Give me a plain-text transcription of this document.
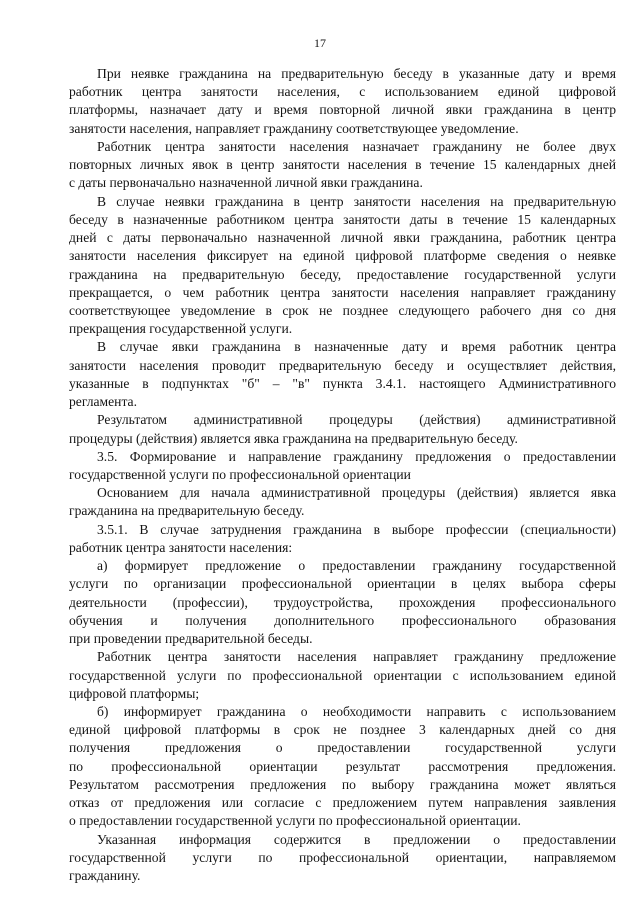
17
При неявке гражданина на предварительную беседу в указанные дату и время
работник центра занятости населения, с использованием единой цифровой
платформы, назначает дату и время повторной личной явки гражданина в центр
занятости населения, направляет гражданину соответствующее уведомление.
Работник центра занятости населения назначает гражданину не более двух
повторных личных явок в центр занятости населения в течение 15 календарных дней
с даты первоначально назначенной личной явки гражданина.
В случае неявки гражданина в центр занятости населения на предварительную
беседу в назначенные работником центра занятости даты в течение 15 календарных
дней с даты первоначально назначенной личной явки гражданина, работник центра
занятости населения фиксирует на единой цифровой платформе сведения о неявке
гражданина на предварительную беседу, предоставление государственной услуги
прекращается, о чем работник центра занятости населения направляет гражданину
соответствующее уведомление в срок не позднее следующего рабочего дня со дня
прекращения государственной услуги.
В случае явки гражданина в назначенные дату и время работник центра
занятости населения проводит предварительную беседу и осуществляет действия,
указанные в подпунктах "б" – "в" пункта 3.4.1. настоящего Административного
регламента.
Результатом административной процедуры (действия) административной
процедуры (действия) является явка гражданина на предварительную беседу.
3.5. Формирование и направление гражданину предложения о предоставлении
государственной услуги по профессиональной ориентации
Основанием для начала административной процедуры (действия) является явка
гражданина на предварительную беседу.
3.5.1. В случае затруднения гражданина в выборе профессии (специальности)
работник центра занятости населения:
а) формирует предложение о предоставлении гражданину государственной
услуги по организации профессиональной ориентации в целях выбора сферы
деятельности (профессии), трудоустройства, прохождения профессионального
обучения и получения дополнительного профессионального образования
при проведении предварительной беседы.
Работник центра занятости населения направляет гражданину предложение
государственной услуги по профессиональной ориентации с использованием единой
цифровой платформы;
б) информирует гражданина о необходимости направить с использованием
единой цифровой платформы в срок не позднее 3 календарных дней со дня
получения предложения о предоставлении государственной услуги
по профессиональной ориентации результат рассмотрения предложения.
Результатом рассмотрения предложения по выбору гражданина может являться
отказ от предложения или согласие с предложением путем направления заявления
о предоставлении государственной услуги по профессиональной ориентации.
Указанная информация содержится в предложении о предоставлении
государственной услуги по профессиональной ориентации, направляемом
гражданину.
